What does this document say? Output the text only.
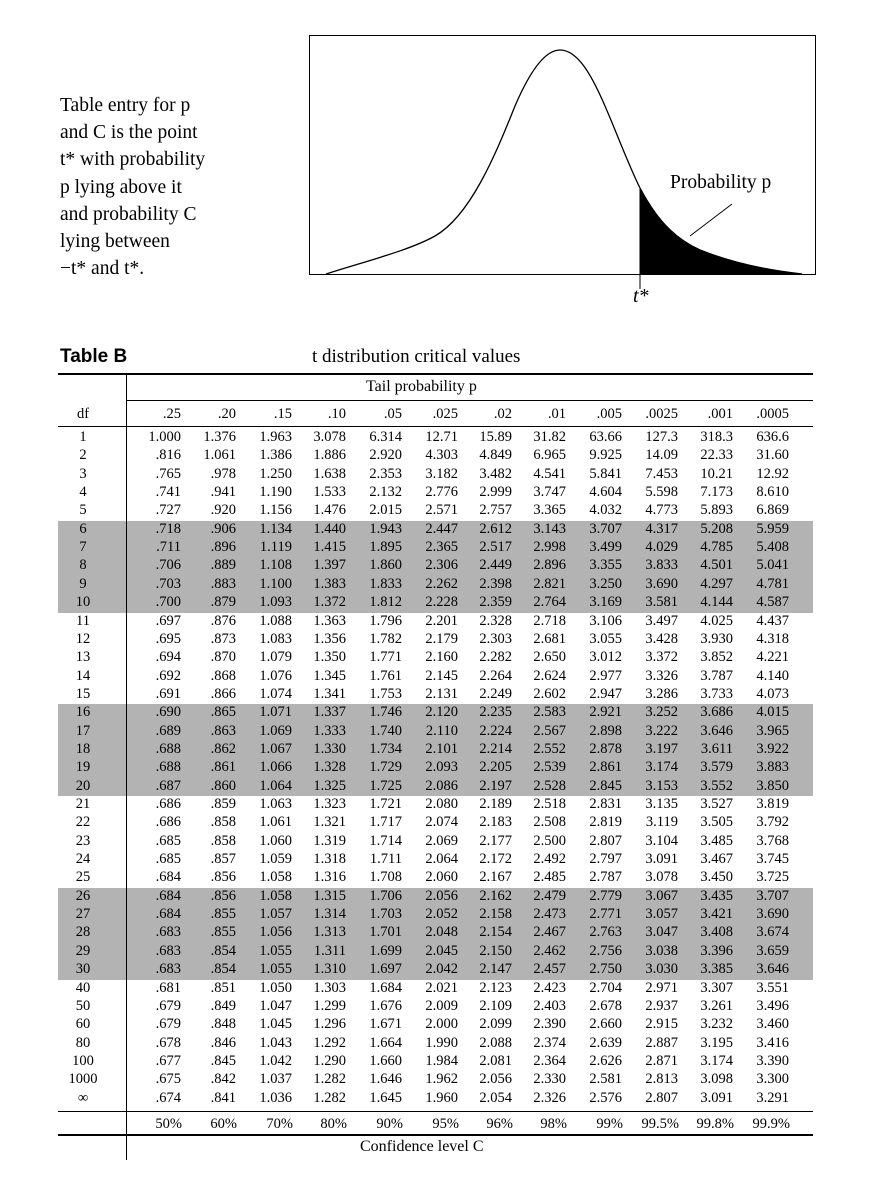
Table entry for p
and C is the point
t* with probability
p lying above it
and probability C
lying between
−t* and t*.
Probability p
t*
Table B	t distribution critical values
Tail probability p
df	.25	.20	.15	.10	.05	.025	.02	.01	.005	.0025	.001	.0005
1	1.000	1.376	1.963	3.078	6.314	12.71	15.89	31.82	63.66	127.3	318.3	636.6
2	.816	1.061	1.386	1.886	2.920	4.303	4.849	6.965	9.925	14.09	22.33	31.60
3	.765	.978	1.250	1.638	2.353	3.182	3.482	4.541	5.841	7.453	10.21	12.92
4	.741	.941	1.190	1.533	2.132	2.776	2.999	3.747	4.604	5.598	7.173	8.610
5	.727	.920	1.156	1.476	2.015	2.571	2.757	3.365	4.032	4.773	5.893	6.869
6	.718	.906	1.134	1.440	1.943	2.447	2.612	3.143	3.707	4.317	5.208	5.959
7	.711	.896	1.119	1.415	1.895	2.365	2.517	2.998	3.499	4.029	4.785	5.408
8	.706	.889	1.108	1.397	1.860	2.306	2.449	2.896	3.355	3.833	4.501	5.041
9	.703	.883	1.100	1.383	1.833	2.262	2.398	2.821	3.250	3.690	4.297	4.781
10	.700	.879	1.093	1.372	1.812	2.228	2.359	2.764	3.169	3.581	4.144	4.587
11	.697	.876	1.088	1.363	1.796	2.201	2.328	2.718	3.106	3.497	4.025	4.437
12	.695	.873	1.083	1.356	1.782	2.179	2.303	2.681	3.055	3.428	3.930	4.318
13	.694	.870	1.079	1.350	1.771	2.160	2.282	2.650	3.012	3.372	3.852	4.221
14	.692	.868	1.076	1.345	1.761	2.145	2.264	2.624	2.977	3.326	3.787	4.140
15	.691	.866	1.074	1.341	1.753	2.131	2.249	2.602	2.947	3.286	3.733	4.073
16	.690	.865	1.071	1.337	1.746	2.120	2.235	2.583	2.921	3.252	3.686	4.015
17	.689	.863	1.069	1.333	1.740	2.110	2.224	2.567	2.898	3.222	3.646	3.965
18	.688	.862	1.067	1.330	1.734	2.101	2.214	2.552	2.878	3.197	3.611	3.922
19	.688	.861	1.066	1.328	1.729	2.093	2.205	2.539	2.861	3.174	3.579	3.883
20	.687	.860	1.064	1.325	1.725	2.086	2.197	2.528	2.845	3.153	3.552	3.850
21	.686	.859	1.063	1.323	1.721	2.080	2.189	2.518	2.831	3.135	3.527	3.819
22	.686	.858	1.061	1.321	1.717	2.074	2.183	2.508	2.819	3.119	3.505	3.792
23	.685	.858	1.060	1.319	1.714	2.069	2.177	2.500	2.807	3.104	3.485	3.768
24	.685	.857	1.059	1.318	1.711	2.064	2.172	2.492	2.797	3.091	3.467	3.745
25	.684	.856	1.058	1.316	1.708	2.060	2.167	2.485	2.787	3.078	3.450	3.725
26	.684	.856	1.058	1.315	1.706	2.056	2.162	2.479	2.779	3.067	3.435	3.707
27	.684	.855	1.057	1.314	1.703	2.052	2.158	2.473	2.771	3.057	3.421	3.690
28	.683	.855	1.056	1.313	1.701	2.048	2.154	2.467	2.763	3.047	3.408	3.674
29	.683	.854	1.055	1.311	1.699	2.045	2.150	2.462	2.756	3.038	3.396	3.659
30	.683	.854	1.055	1.310	1.697	2.042	2.147	2.457	2.750	3.030	3.385	3.646
40	.681	.851	1.050	1.303	1.684	2.021	2.123	2.423	2.704	2.971	3.307	3.551
50	.679	.849	1.047	1.299	1.676	2.009	2.109	2.403	2.678	2.937	3.261	3.496
60	.679	.848	1.045	1.296	1.671	2.000	2.099	2.390	2.660	2.915	3.232	3.460
80	.678	.846	1.043	1.292	1.664	1.990	2.088	2.374	2.639	2.887	3.195	3.416
100	.677	.845	1.042	1.290	1.660	1.984	2.081	2.364	2.626	2.871	3.174	3.390
1000	.675	.842	1.037	1.282	1.646	1.962	2.056	2.330	2.581	2.813	3.098	3.300
∞	.674	.841	1.036	1.282	1.645	1.960	2.054	2.326	2.576	2.807	3.091	3.291
50%	60%	70%	80%	90%	95%	96%	98%	99%	99.5%	99.8%	99.9%
Confidence level C
